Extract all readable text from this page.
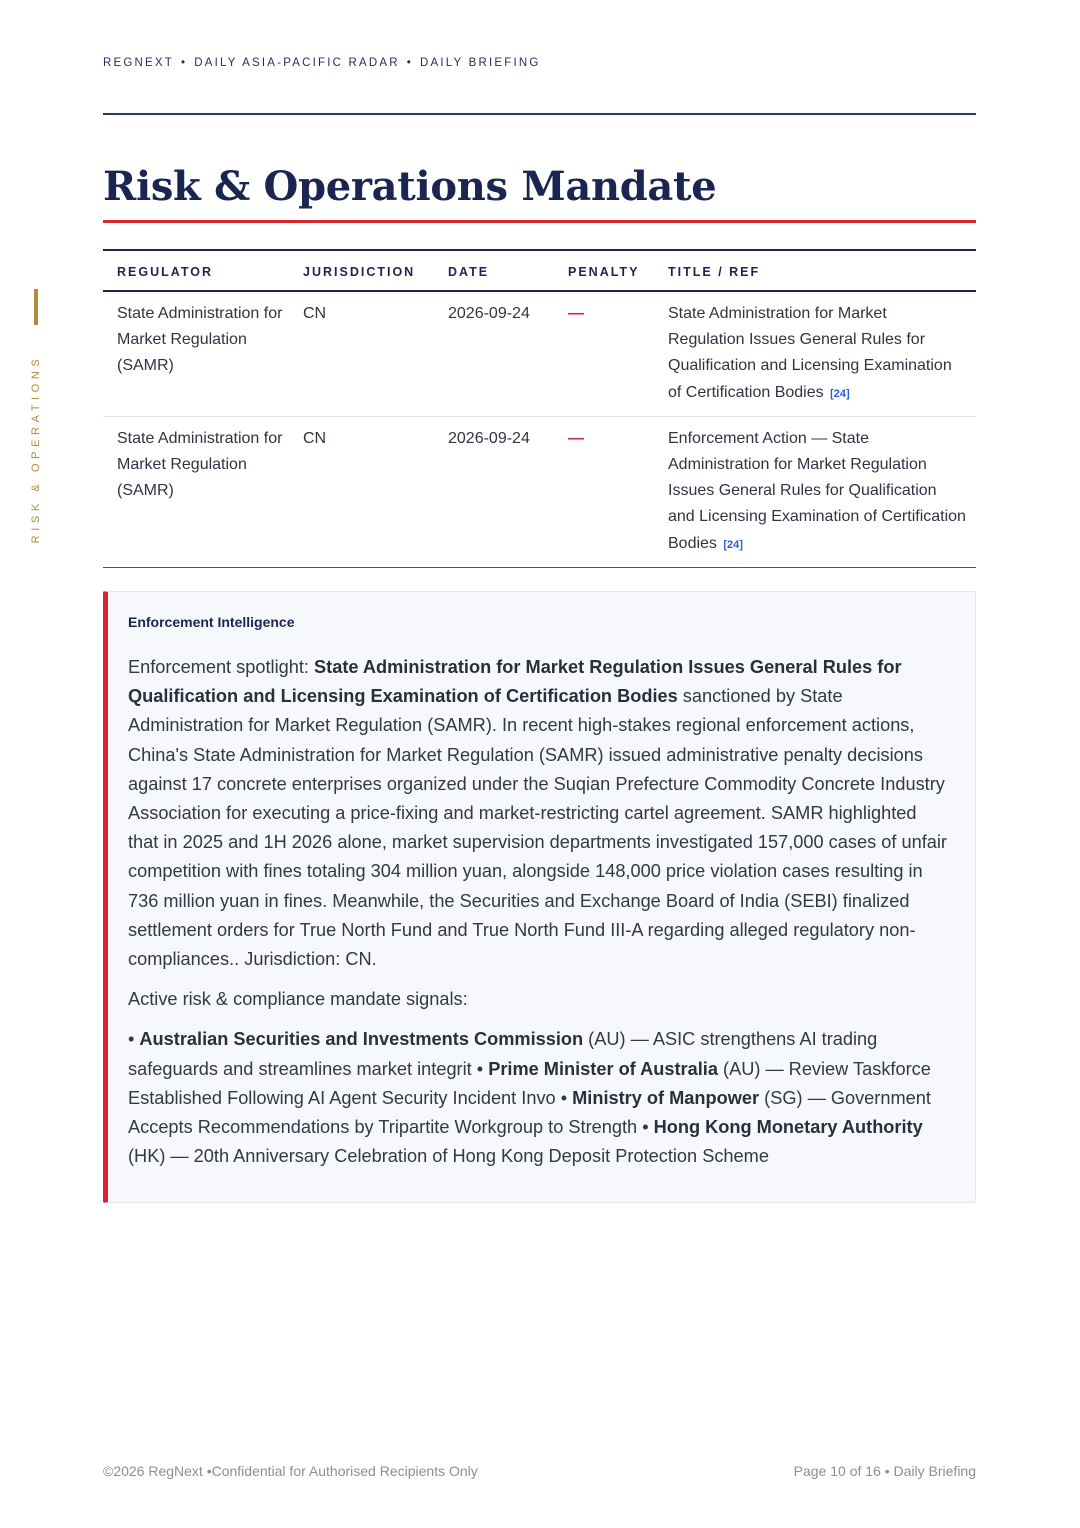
REGNEXT • DAILY ASIA-PACIFIC RADAR • DAILY BRIEFING
RISK & OPERATIONS
Risk & Operations Mandate
REGULATOR	JURISDICTION	DATE	PENALTY	TITLE / REF
State Administration for Market Regulation (SAMR)	CN	2026-09-24	—	State Administration for Market Regulation Issues General Rules for Qualification and Licensing Examination of Certification Bodies [24]
State Administration for Market Regulation (SAMR)	CN	2026-09-24	—	Enforcement Action — State Administration for Market Regulation Issues General Rules for Qualification and Licensing Examination of Certification Bodies [24]
Enforcement Intelligence

Enforcement spotlight: State Administration for Market Regulation Issues General Rules for Qualification and Licensing Examination of Certification Bodies sanctioned by State Administration for Market Regulation (SAMR). In recent high-stakes regional enforcement actions, China's State Administration for Market Regulation (SAMR) issued administrative penalty decisions against 17 concrete enterprises organized under the Suqian Prefecture Commodity Concrete Industry Association for executing a price-fixing and market-restricting cartel agreement. SAMR highlighted that in 2025 and 1H 2026 alone, market supervision departments investigated 157,000 cases of unfair competition with fines totaling 304 million yuan, alongside 148,000 price violation cases resulting in 736 million yuan in fines. Meanwhile, the Securities and Exchange Board of India (SEBI) finalized settlement orders for True North Fund and True North Fund III-A regarding alleged regulatory non-compliances.. Jurisdiction: CN.

Active risk & compliance mandate signals:

• Australian Securities and Investments Commission (AU) — ASIC strengthens AI trading safeguards and streamlines market integrit • Prime Minister of Australia (AU) — Review Taskforce Established Following AI Agent Security Incident Invo • Ministry of Manpower (SG) — Government Accepts Recommendations by Tripartite Workgroup to Strength • Hong Kong Monetary Authority (HK) — 20th Anniversary Celebration of Hong Kong Deposit Protection Scheme

©2026 RegNext •Confidential for Authorised Recipients Only	Page 10 of 16 • Daily Briefing
